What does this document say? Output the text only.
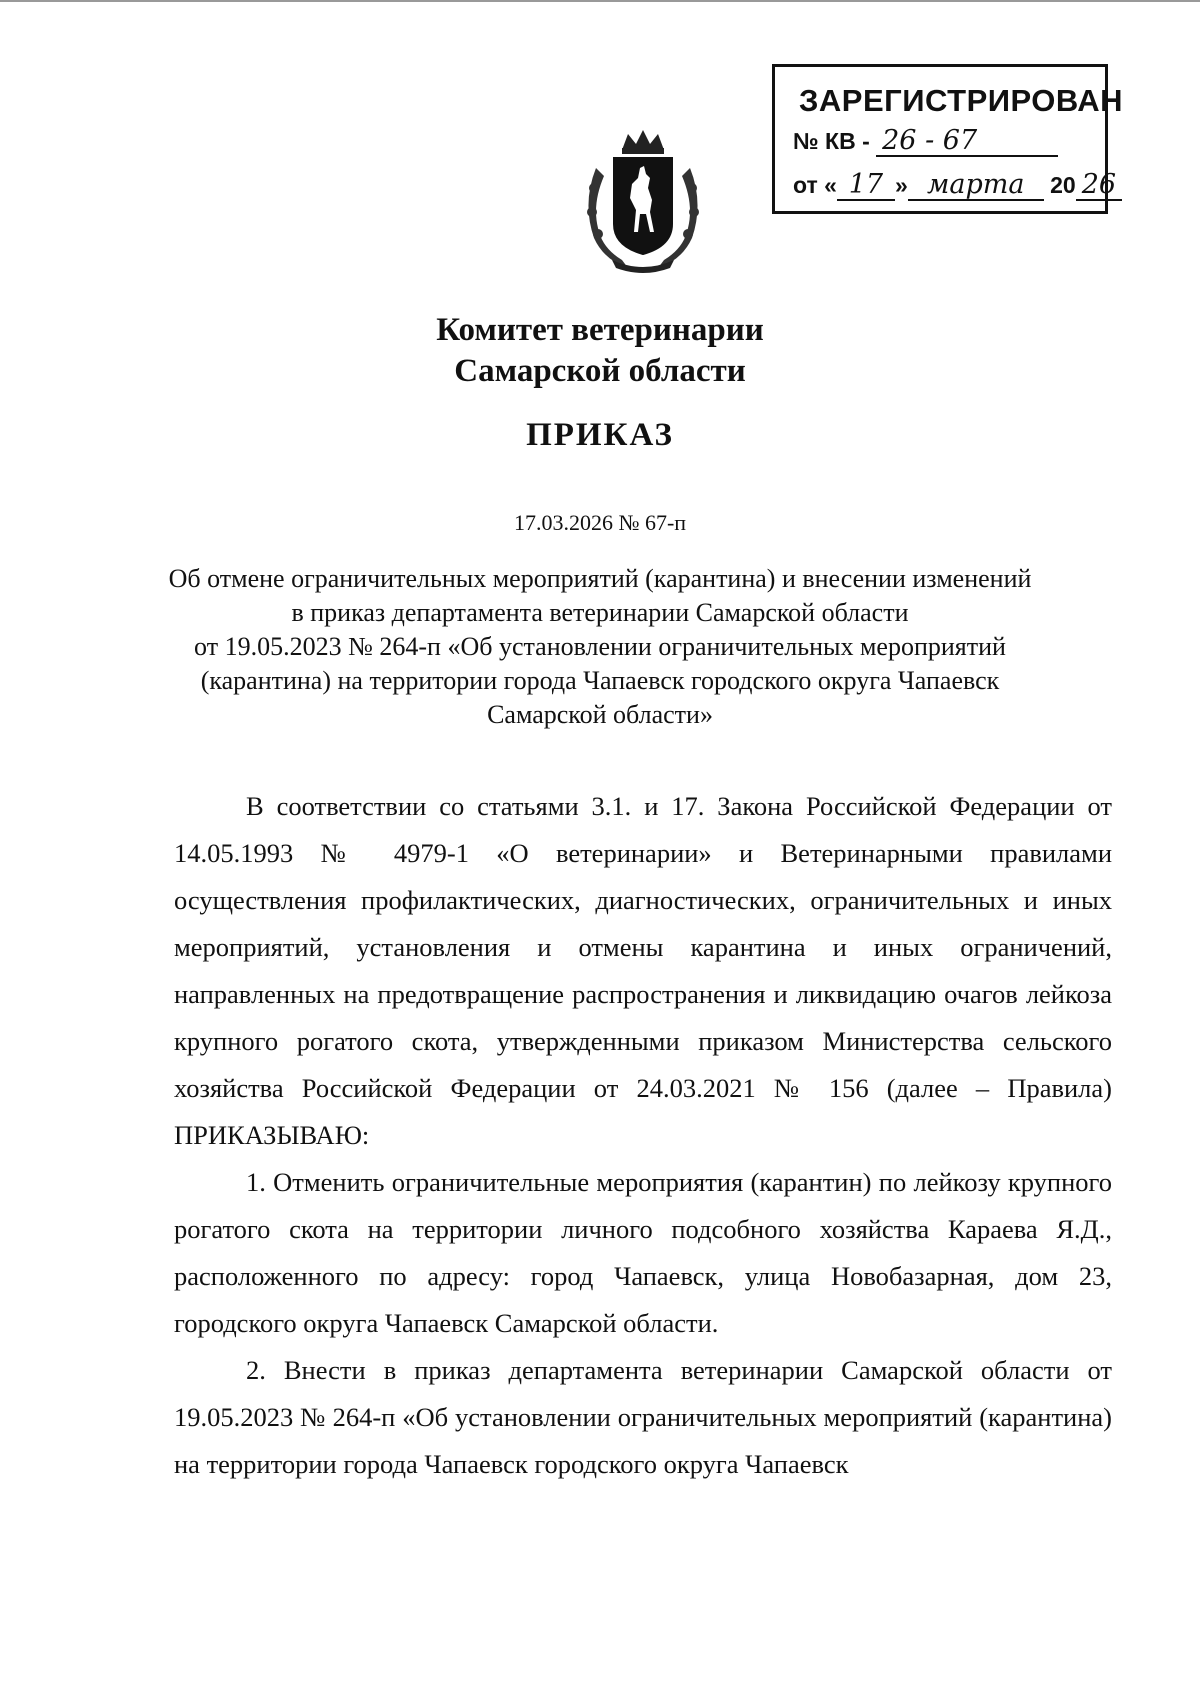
ЗАРЕГИСТРИРОВАН
№ КВ - 26 - 67
от « 17 » марта 20 26
Комитет ветеринарии
Самарской области
ПРИКАЗ
17.03.2026 № 67-п
Об отмене ограничительных мероприятий (карантина) и внесении изменений
в приказ департамента ветеринарии Самарской области
от 19.05.2023 № 264-п «Об установлении ограничительных мероприятий
(карантина) на территории города Чапаевск городского округа Чапаевск
Самарской области»

В соответствии со статьями 3.1. и 17. Закона Российской Федерации от 14.05.1993 № 4979-1 «О ветеринарии» и Ветеринарными правилами осуществления профилактических, диагностических, ограничительных и иных мероприятий, установления и отмены карантина и иных ограничений, направленных на предотвращение распространения и ликвидацию очагов лейкоза крупного рогатого скота, утвержденными приказом Министерства сельского хозяйства Российской Федерации от 24.03.2021 № 156 (далее – Правила) ПРИКАЗЫВАЮ:

1. Отменить ограничительные мероприятия (карантин) по лейкозу крупного рогатого скота на территории личного подсобного хозяйства Караева Я.Д., расположенного по адресу: город Чапаевск, улица Новобазарная, дом 23, городского округа Чапаевск Самарской области.

2. Внести в приказ департамента ветеринарии Самарской области от 19.05.2023 № 264-п «Об установлении ограничительных мероприятий (карантина) на территории города Чапаевск городского округа Чапаевск
